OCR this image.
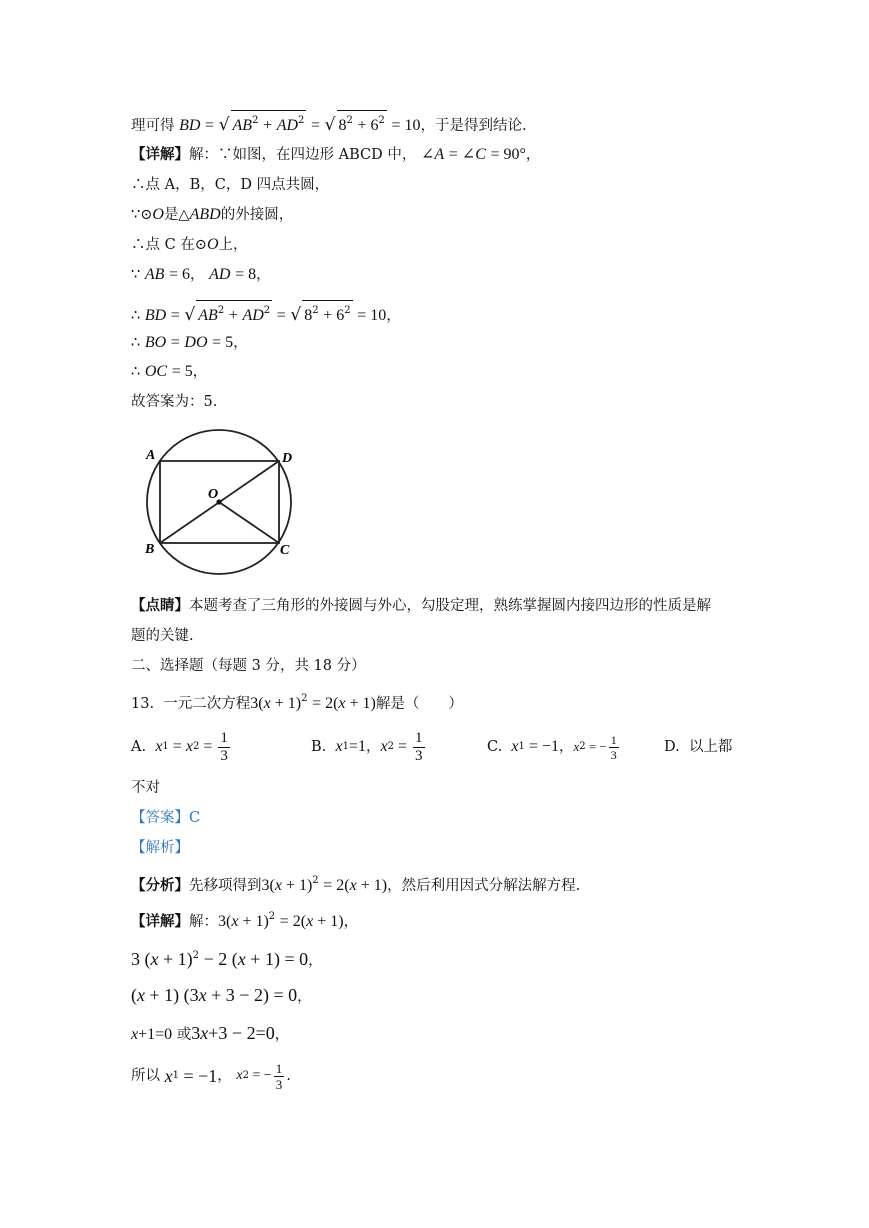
理可得 BD = √ $AB^2 + AD^2$ = √ $8^2 + 6^2 = 10$，于是得到结论.
【详解】解：∵如图，在四边形 ABCD 中， ∠A = ∠C = 90°，
∴点 A，B，C，D 四点共圆，
∵⊙O是△ABD的外接圆，
∴点 C 在⊙O上，
∵ AB = 6， AD = 8，
∴ BD = √ $AB^2 + AD^2$ = √ $8^2 + 6^2 = 10$，
∴ BO = DO = 5，
∴ OC = 5，
故答案为：5.
A
B	C
D
O
【点睛】本题考查了三角形的外接圆与外心，勾股定理，熟练掌握圆内接四边形的性质是解
题的关键.
二、选择题（每题 3 分，共 18 分）
13. 一元二次方程$3(x + 1)^2 = 2(x + 1)$解是（　　）
A.
x 1 = x $2 = \frac{1}{3}$	B.
x 1 =1 ， x $2 = \frac{1}{3}$	C.
x 1 = −1 ， x 2 = − $\frac{1}{3}$	D.
以上都
不对
【答案】C
【解析】
【分析】先移项得到$3(x + 1)^2 = 2(x + 1)$，然后利用因式分解法解方程.
【详解】解：$3(x + 1)^2 = 2(x + 1)$，
3 $(x + 1)^2 - 2$ (x + 1) = 0，
(x + 1) (3x + 3 − 2) = 0，
x+1=0 或3x+3 − 2=0，
所以
x 1 = −1 ， x 2 = − $\frac{1}{3}$ .
